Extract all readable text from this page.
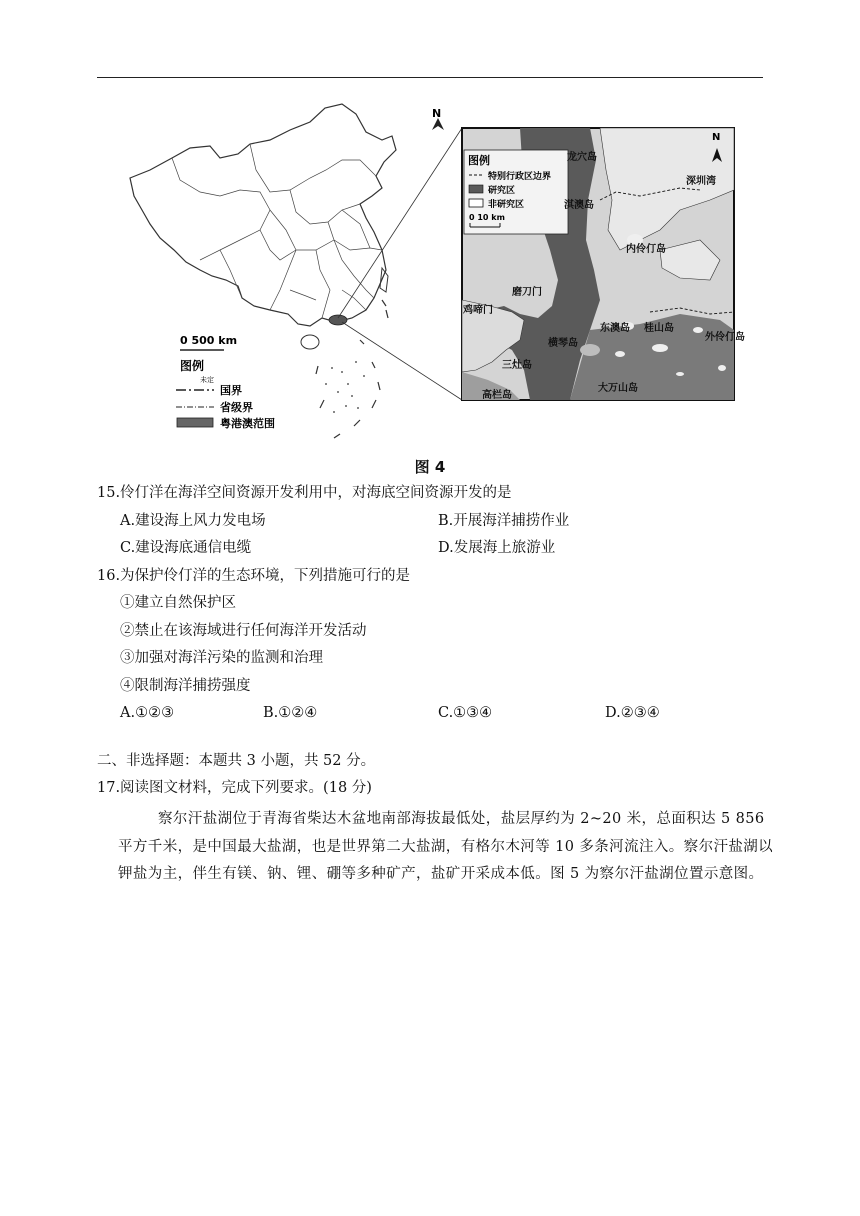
N
0 500 km
图例
未定
国界
省级界
粤港澳范围
图例
特别行政区边界
研究区
非研究区
0 10 km
N
龙穴岛
深圳湾
淇澳岛
内伶仃岛
磨刀门
鸡啼门
东澳岛 桂山岛
外伶仃岛
横琴岛
三灶岛
大万山岛
高栏岛
图 4
15.伶仃洋在海洋空间资源开发利用中，对海底空间资源开发的是
A.建设海上风力发电场	B.开展海洋捕捞作业
C.建设海底通信电缆	D.发展海上旅游业
16.为保护伶仃洋的生态环境，下列措施可行的是
①建立自然保护区
②禁止在该海域进行任何海洋开发活动
③加强对海洋污染的监测和治理
④限制海洋捕捞强度
A.①②③	B.①②④	C.①③④	D.②③④
二、非选择题：本题共 3 小题，共 52 分。
17.阅读图文材料，完成下列要求。(18 分)
察尔汗盐湖位于青海省柴达木盆地南部海拔最低处，盐层厚约为 2~20 米，总面积达 5 856 平方千米，是中国最大盐湖，也是世界第二大盐湖，有格尔木河等 10 多条河流注入。察尔汗盐湖以钾盐为主，伴生有镁、钠、锂、硼等多种矿产，盐矿开采成本低。图 5 为察尔汗盐湖位置示意图。
